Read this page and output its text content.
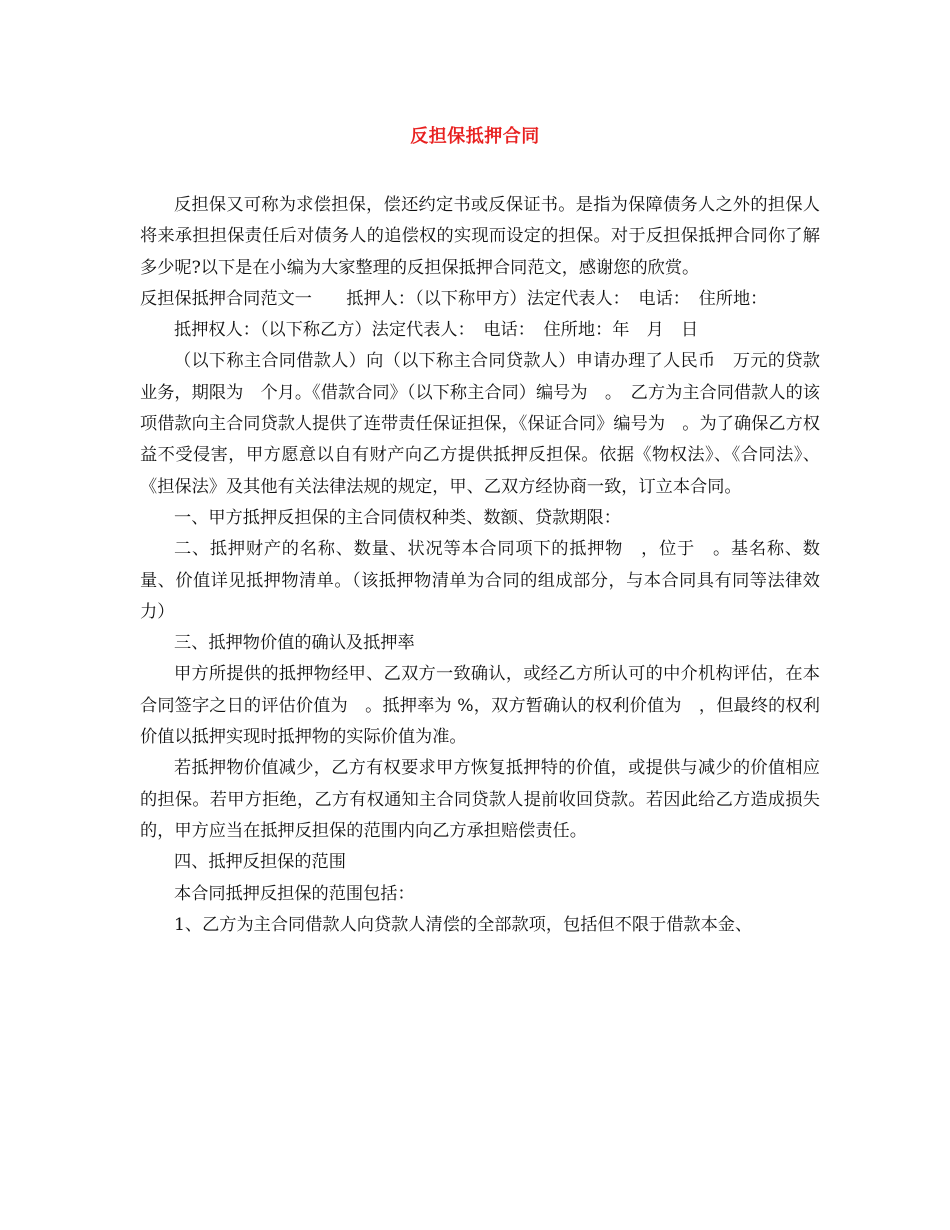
反担保抵押合同

反担保又可称为求偿担保，偿还约定书或反保证书。是指为保障债务人之外的担保人将来承担担保责任后对债务人的追偿权的实现而设定的担保。对于反担保抵押合同你了解多少呢?以下是在小编为大家整理的反担保抵押合同范文，感谢您的欣赏。

反担保抵押合同范文一　　抵押人：（以下称甲方）法定代表人：　电话：　住所地：

抵押权人：（以下称乙方）法定代表人：　电话：　住所地：年　月　日

（以下称主合同借款人）向（以下称主合同贷款人）申请办理了人民币　万元的贷款业务，期限为　个月。《借款合同》（以下称主合同）编号为　。　乙方为主合同借款人的该项借款向主合同贷款人提供了连带责任保证担保，《保证合同》编号为　。为了确保乙方权益不受侵害，甲方愿意以自有财产向乙方提供抵押反担保。依据《物权法》、《合同法》、《担保法》及其他有关法律法规的规定，甲、乙双方经协商一致，订立本合同。

一、甲方抵押反担保的主合同债权种类、数额、贷款期限：

二、抵押财产的名称、数量、状况等本合同项下的抵押物　，位于　。基名称、数量、价值详见抵押物清单。（该抵押物清单为合同的组成部分，与本合同具有同等法律效力）

三、抵押物价值的确认及抵押率

甲方所提供的抵押物经甲、乙双方一致确认，或经乙方所认可的中介机构评估，在本合同签字之日的评估价值为　。抵押率为 %，双方暂确认的权利价值为　，但最终的权利价值以抵押实现时抵押物的实际价值为准。

若抵押物价值减少，乙方有权要求甲方恢复抵押特的价值，或提供与减少的价值相应的担保。若甲方拒绝，乙方有权通知主合同贷款人提前收回贷款。若因此给乙方造成损失的，甲方应当在抵押反担保的范围内向乙方承担赔偿责任。

四、抵押反担保的范围

本合同抵押反担保的范围包括：

1、乙方为主合同借款人向贷款人清偿的全部款项，包括但不限于借款本金、
